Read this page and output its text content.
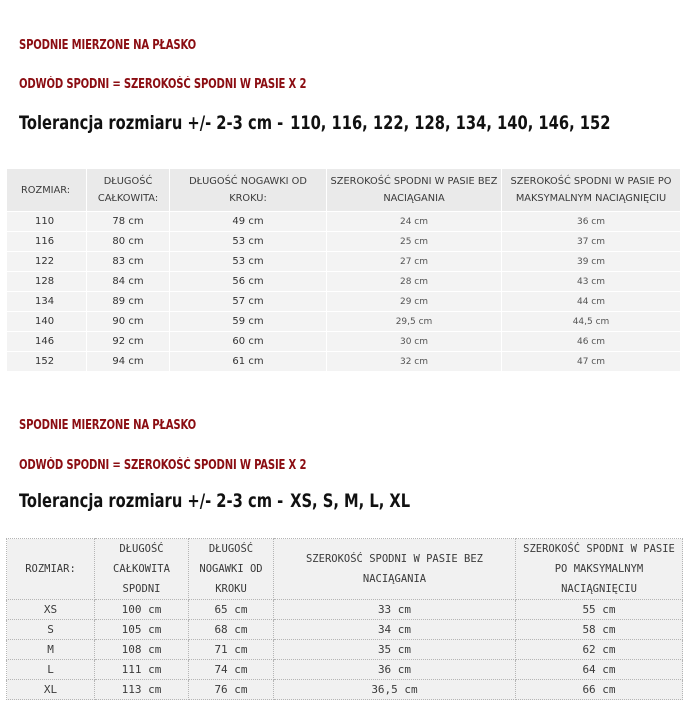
SPODNIE MIERZONE NA PŁASKO
ODWÓD SPODNI = SZEROKOŚĆ SPODNI W PASIE X 2
Tolerancja rozmiaru +/- 2-3 cm - 110, 116, 122, 128, 134, 140, 146, 152
ROZMIAR:	DŁUGOŚĆ CAŁKOWITA:	DŁUGOŚĆ NOGAWKI OD KROKU:	SZEROKOŚĆ SPODNI W PASIE BEZ NACIĄGANIA	SZEROKOŚĆ SPODNI W PASIE PO MAKSYMALNYM NACIĄGNIĘCIU
110	78 cm	49 cm	24 cm	36 cm
116	80 cm	53 cm	25 cm	37 cm
122	83 cm	53 cm	27 cm	39 cm
128	84 cm	56 cm	28 cm	43 cm
134	89 cm	57 cm	29 cm	44 cm
140	90 cm	59 cm	29,5 cm	44,5 cm
146	92 cm	60 cm	30 cm	46 cm
152	94 cm	61 cm	32 cm	47 cm
SPODNIE MIERZONE NA PŁASKO
ODWÓD SPODNI = SZEROKOŚĆ SPODNI W PASIE X 2
Tolerancja rozmiaru +/- 2-3 cm - XS, S, M, L, XL
ROZMIAR:	DŁUGOŚĆ CAŁKOWITA SPODNI	DŁUGOŚĆ NOGAWKI OD KROKU	SZEROKOŚĆ SPODNI W PASIE BEZ NACIĄGANIA	SZEROKOŚĆ SPODNI W PASIE PO MAKSYMALNYM NACIĄGNIĘCIU
XS	100 cm	65 cm	33 cm	55 cm
S	105 cm	68 cm	34 cm	58 cm
M	108 cm	71 cm	35 cm	62 cm
L	111 cm	74 cm	36 cm	64 cm
XL	113 cm	76 cm	36,5 cm	66 cm
